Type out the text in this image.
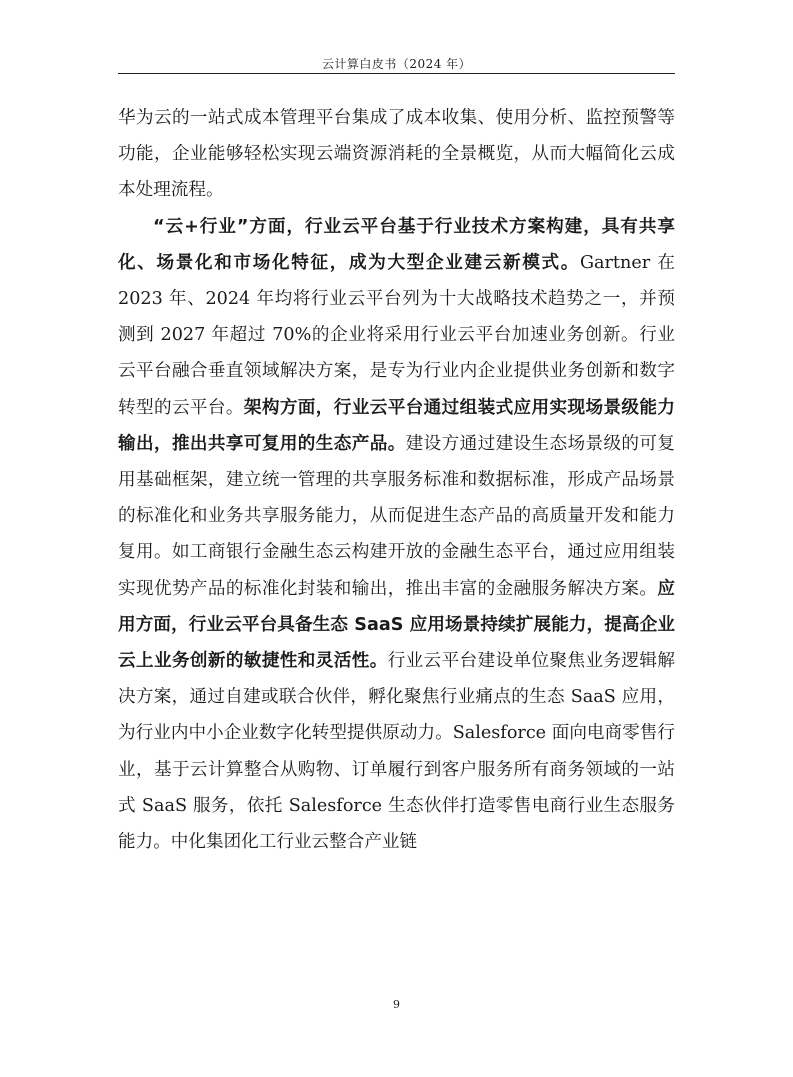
云计算白皮书（2024 年）

华为云的一站式成本管理平台集成了成本收集、使用分析、监控预警等功能，企业能够轻松实现云端资源消耗的全景概览，从而大幅简化云成本处理流程。

“云+行业”方面，行业云平台基于行业技术方案构建，具有共享化、场景化和市场化特征，成为大型企业建云新模式。Gartner 在 2023 年、2024 年均将行业云平台列为十大战略技术趋势之一，并预测到 2027 年超过 70%的企业将采用行业云平台加速业务创新。行业云平台融合垂直领域解决方案，是专为行业内企业提供业务创新和数字转型的云平台。架构方面，行业云平台通过组装式应用实现场景级能力输出，推出共享可复用的生态产品。建设方通过建设生态场景级的可复用基础框架，建立统一管理的共享服务标准和数据标准，形成产品场景的标准化和业务共享服务能力，从而促进生态产品的高质量开发和能力复用。如工商银行金融生态云构建开放的金融生态平台，通过应用组装实现优势产品的标准化封装和输出，推出丰富的金融服务解决方案。应用方面，行业云平台具备生态 SaaS 应用场景持续扩展能力，提高企业云上业务创新的敏捷性和灵活性。行业云平台建设单位聚焦业务逻辑解决方案，通过自建或联合伙伴，孵化聚焦行业痛点的生态 SaaS 应用，为行业内中小企业数字化转型提供原动力。Salesforce 面向电商零售行业，基于云计算整合从购物、订单履行到客户服务所有商务领域的一站式 SaaS 服务，依托 Salesforce 生态伙伴打造零售电商行业生态服务能力。中化集团化工行业云整合产业链

9
